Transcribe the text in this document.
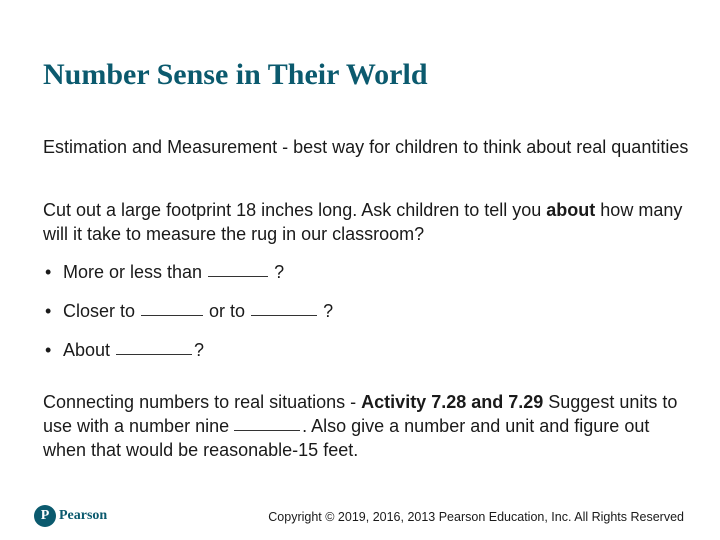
Number Sense in Their World
Estimation and Measurement - best way for children to think about real quantities
Cut out a large footprint 18 inches long. Ask children to tell you about how many will it take to measure the rug in our classroom?
• More or less than	?
• Closer to	or to	?
• About	?
Connecting numbers to real situations - Activity 7.28 and 7.29 Suggest units to use with a number nine	. Also give a number and unit and figure out when that would be reasonable-15 feet.
P Pearson	Copyright © 2019, 2016, 2013 Pearson Education, Inc. All Rights Reserved
